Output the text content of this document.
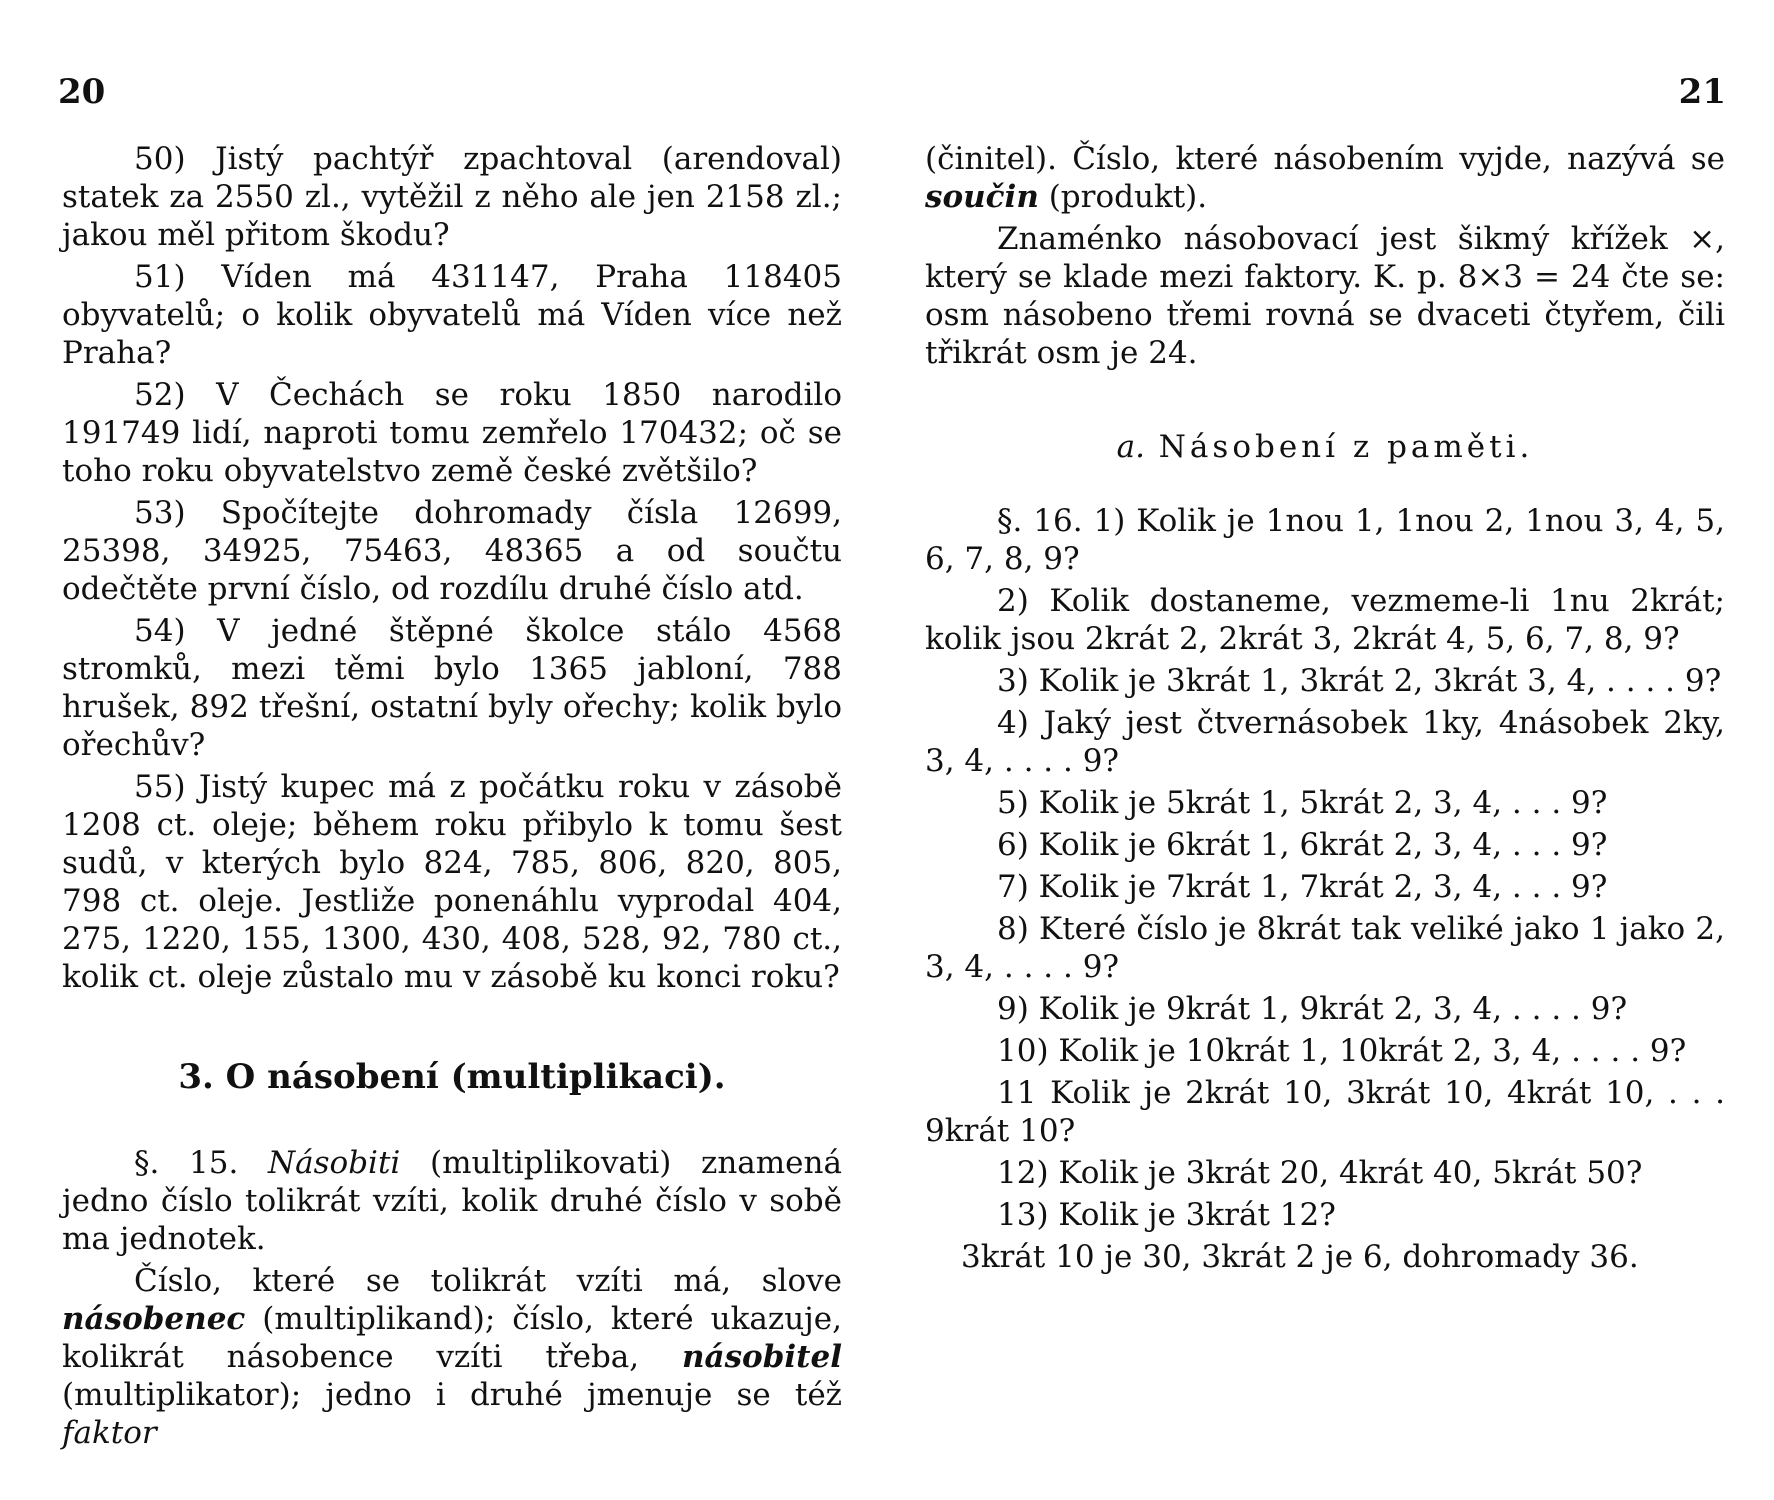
20

50) Jistý pachtýř zpachtoval (arendoval) statek za 2550 zl., vytěžil z něho ale jen 2158 zl.; jakou měl přitom škodu?

51) Víden má 431147, Praha 118405 obyvatelů; o kolik obyvatelů má Víden více než Praha?

52) V Čechách se roku 1850 narodilo 191749 lidí, naproti tomu zemřelo 170432; oč se toho roku obyvatelstvo země české zvětšilo?

53) Spočítejte dohromady čísla 12699, 25398, 34925, 75463, 48365 a od součtu odečtěte první číslo, od rozdílu druhé číslo atd.

54) V jedné štěpné školce stálo 4568 stromků, mezi těmi bylo 1365 jabloní, 788 hrušek, 892 třešní, ostatní byly ořechy; kolik bylo ořechův?

55) Jistý kupec má z počátku roku v zásobě 1208 ct. oleje; během roku přibylo k tomu šest sudů, v kterých bylo 824, 785, 806, 820, 805, 798 ct. oleje. Jestliže ponenáhlu vyprodal 404, 275, 1220, 155, 1300, 430, 408, 528, 92, 780 ct., kolik ct. oleje zůstalo mu v zásobě ku konci roku?

3. O násobení (multiplikaci).

§. 15. Násobiti (multiplikovati) znamená jedno číslo tolikrát vzíti, kolik druhé číslo v sobě ma jednotek.

Číslo, které se tolikrát vzíti má, slove násobenec (multiplikand); číslo, které ukazuje, kolikrát násobence vzíti třeba, násobitel (multiplikator); jedno i druhé jmenuje se též faktor

21

(činitel). Číslo, které násobením vyjde, nazývá se součin (produkt).

Znaménko násobovací jest šikmý křížek ×, který se klade mezi faktory. K. p. 8×3 = 24 čte se: osm násobeno třemi rovná se dvaceti čtyřem, čili třikrát osm je 24.

a. Násobení z paměti.

§. 16. 1) Kolik je 1nou 1, 1nou 2, 1nou 3, 4, 5, 6, 7, 8, 9?

2) Kolik dostaneme, vezmeme-li 1nu 2krát; kolik jsou 2krát 2, 2krát 3, 2krát 4, 5, 6, 7, 8, 9?

3) Kolik je 3krát 1, 3krát 2, 3krát 3, 4, . . . . 9?

4) Jaký jest čtvernásobek 1ky, 4násobek 2ky, 3, 4, . . . . 9?

5) Kolik je 5krát 1, 5krát 2, 3, 4, . . . 9?

6) Kolik je 6krát 1, 6krát 2, 3, 4, . . . 9?

7) Kolik je 7krát 1, 7krát 2, 3, 4, . . . 9?

8) Které číslo je 8krát tak veliké jako 1 jako 2, 3, 4, . . . . 9?

9) Kolik je 9krát 1, 9krát 2, 3, 4, . . . . 9?

10) Kolik je 10krát 1, 10krát 2, 3, 4, . . . . 9?

11 Kolik je 2krát 10, 3krát 10, 4krát 10, . . . 9krát 10?

12) Kolik je 3krát 20, 4krát 40, 5krát 50?

13) Kolik je 3krát 12?

3krát 10 je 30, 3krát 2 je 6, dohromady 36.
